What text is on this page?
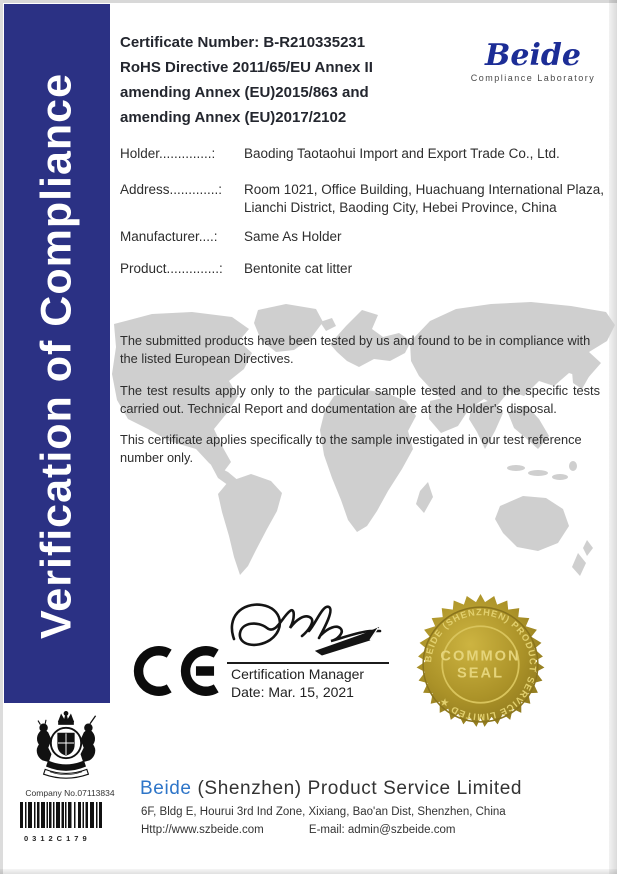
Verification of Compliance
Certificate Number: B-R210335231
RoHS Directive 2011/65/EU Annex II
amending Annex (EU)2015/863 and
amending Annex (EU)2017/2102
Beide
Compliance Laboratory
Holder..............:	Baoding Taotaohui Import and Export Trade Co., Ltd.
Address.............:	Room 1021, Office Building, Huachuang International Plaza, Lianchi District, Baoding City, Hebei Province, China
Manufacturer....:	Same As Holder
Product..............:	Bentonite cat litter
The submitted products have been tested by us and found to be in compliance with the listed European Directives.
The test results apply only to the particular sample tested and to the specific tests carried out. Technical Report and documentation are at the Holder's disposal.
This certificate applies specifically to the sample investigated in our test reference number only.
Certification Manager
Date: Mar. 15, 2021
BEIDE (SHENZHEN) PRODUCT SERVICE LIMITED ★
COMMON
SEAL
Company No.07113834
0312C179
Beide (Shenzhen) Product Service Limited
6F, Bldg E, Hourui 3rd Ind Zone, Xixiang, Bao'an Dist, Shenzhen, China
Http://www.szbeide.com	E-mail: admin@szbeide.com
